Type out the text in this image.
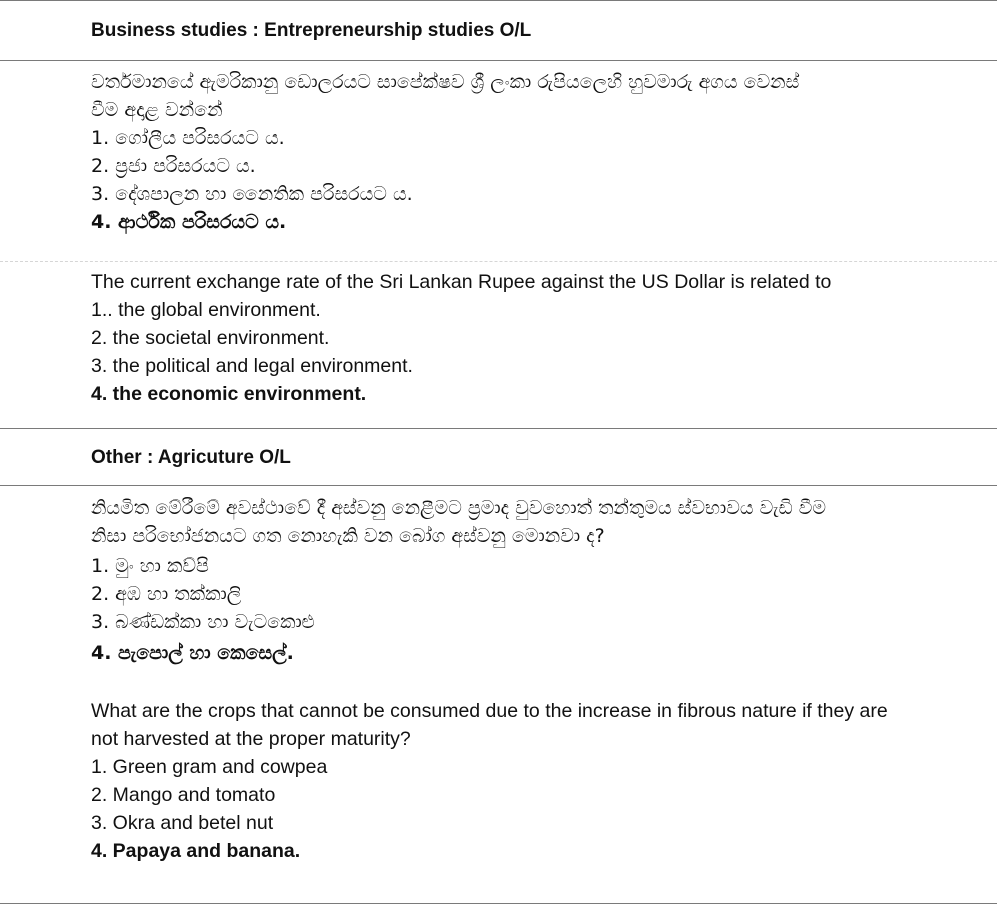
Business studies : Entrepreneurship studies O/L
වර්තමානයේ ඇමරිකානු ඩොලරයට සාපේක්ෂව ශ්‍රී ලංකා රුපියලෙහි හුවමාරු අගය වෙනස්
වීම අදාළ වන්නේ
1. ගෝලීය පරිසරයට ය.
2. ප්‍රජා පරිසරයට ය.
3. දේශපාලන හා නෛතික පරිසරයට ය.
4. ආර්ථික පරිසරයට ය.
The current exchange rate of the Sri Lankan Rupee against the US Dollar is related to
1.. the global environment.
2. the societal environment.
3. the political and legal environment.
4. the economic environment.
Other : Agricuture O/L
නියමිත මේරීමේ අවස්ථාවේ දී අස්වනු නෙළීමට ප්‍රමාද වුවහොත් තන්තුමය ස්වභාවය වැඩි වීම
නිසා පරිභෝජනයට ගත නොහැකි වන බෝග අස්වනු මොනවා ද?
1. මුං හා කව්පි
2. අඹ හා තක්කාලි
3. බණ්ඩක්කා හා වැටකොළු
4. පැපොල් හා කෙසෙල්.
What are the crops that cannot be consumed due to the increase in fibrous nature if they are
not harvested at the proper maturity?
1. Green gram and cowpea
2. Mango and tomato
3. Okra and betel nut
4. Papaya and banana.
